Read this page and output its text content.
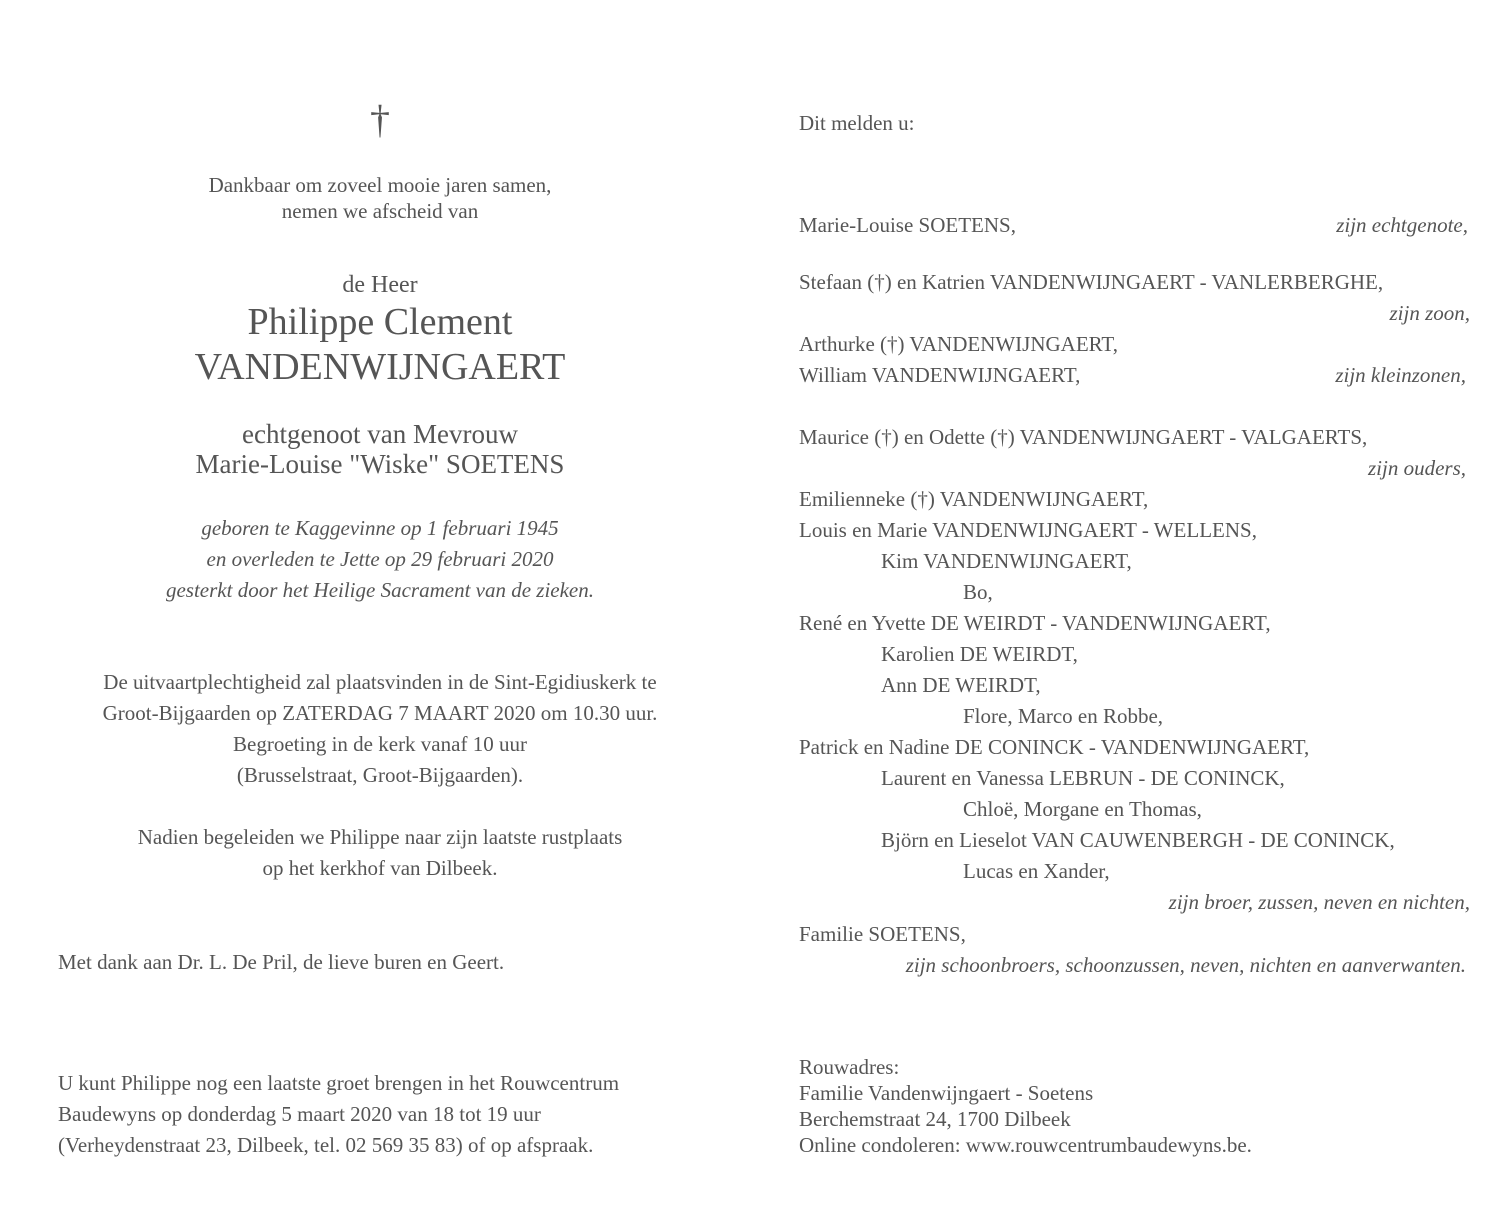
†
Dankbaar om zoveel mooie jaren samen,
nemen we afscheid van
de Heer
Philippe Clement
VANDENWIJNGAERT
echtgenoot van Mevrouw
Marie-Louise "Wiske" SOETENS
geboren te Kaggevinne op 1 februari 1945
en overleden te Jette op 29 februari 2020
gesterkt door het Heilige Sacrament van de zieken.
De uitvaartplechtigheid zal plaatsvinden in de Sint-Egidiuskerk te
Groot-Bijgaarden op ZATERDAG 7 MAART 2020 om 10.30 uur.
Begroeting in de kerk vanaf 10 uur
(Brusselstraat, Groot-Bijgaarden).
Nadien begeleiden we Philippe naar zijn laatste rustplaats
op het kerkhof van Dilbeek.
Met dank aan Dr. L. De Pril, de lieve buren en Geert.
U kunt Philippe nog een laatste groet brengen in het Rouwcentrum
Baudewyns op donderdag 5 maart 2020 van 18 tot 19 uur
(Verheydenstraat 23, Dilbeek, tel. 02 569 35 83) of op afspraak.
Dit melden u:
Marie-Louise SOETENS,	zijn echtgenote,
Stefaan (†) en Katrien VANDENWIJNGAERT - VANLERBERGHE,
zijn zoon,
Arthurke (†) VANDENWIJNGAERT,
William VANDENWIJNGAERT,	zijn kleinzonen,
Maurice (†) en Odette (†) VANDENWIJNGAERT - VALGAERTS,
zijn ouders,
Emilienneke (†) VANDENWIJNGAERT,
Louis en Marie VANDENWIJNGAERT - WELLENS,
Kim VANDENWIJNGAERT,
Bo,
René en Yvette DE WEIRDT - VANDENWIJNGAERT,
Karolien DE WEIRDT,
Ann DE WEIRDT,
Flore, Marco en Robbe,
Patrick en Nadine DE CONINCK - VANDENWIJNGAERT,
Laurent en Vanessa LEBRUN - DE CONINCK,
Chloë, Morgane en Thomas,
Björn en Lieselot VAN CAUWENBERGH - DE CONINCK,
Lucas en Xander,
zijn broer, zussen, neven en nichten,
Familie SOETENS,
zijn schoonbroers, schoonzussen, neven, nichten en aanverwanten.
Rouwadres:
Familie Vandenwijngaert - Soetens
Berchemstraat 24, 1700 Dilbeek
Online condoleren: www.rouwcentrumbaudewyns.be.
